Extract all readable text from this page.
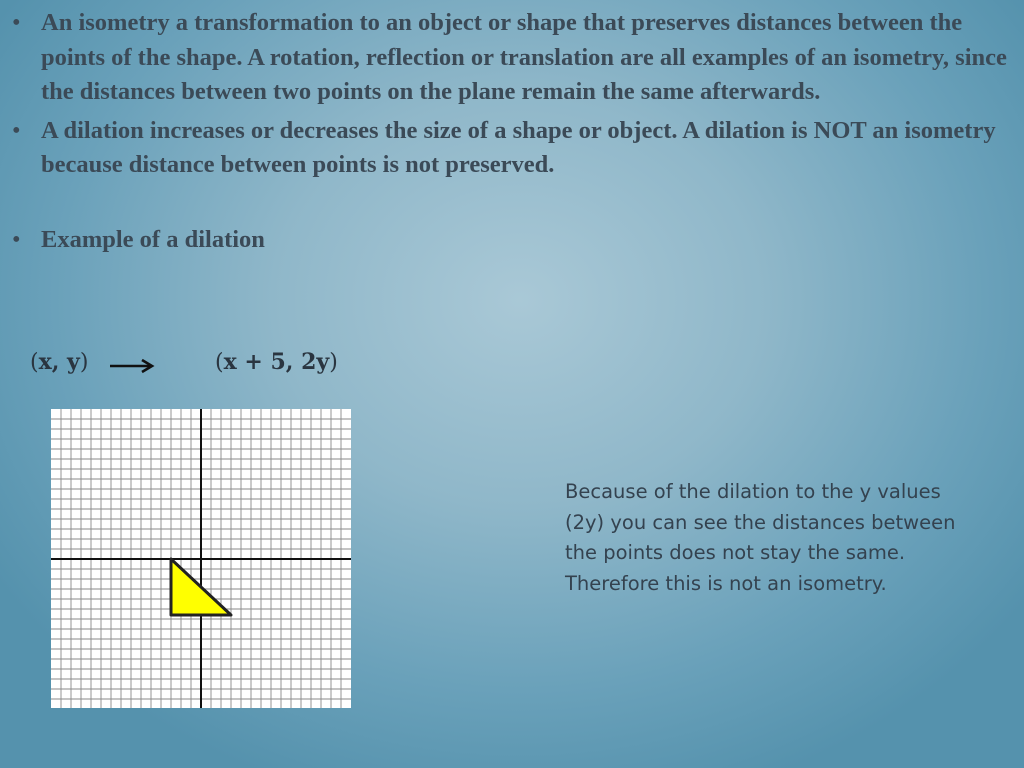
• An isometry a transformation to an object or shape that preserves distances between the points of the shape. A rotation, reflection or translation are all examples of an isometry, since the distances between two points on the plane remain the same afterwards.
• A dilation increases or decreases the size of a shape or object. A dilation is NOT an isometry because distance between points is not preserved.
• Example of a dilation
(x, y)	(x + 5, 2y)
Because of the dilation to the y values (2y) you can see the distances between the points does not stay the same. Therefore this is not an isometry.
